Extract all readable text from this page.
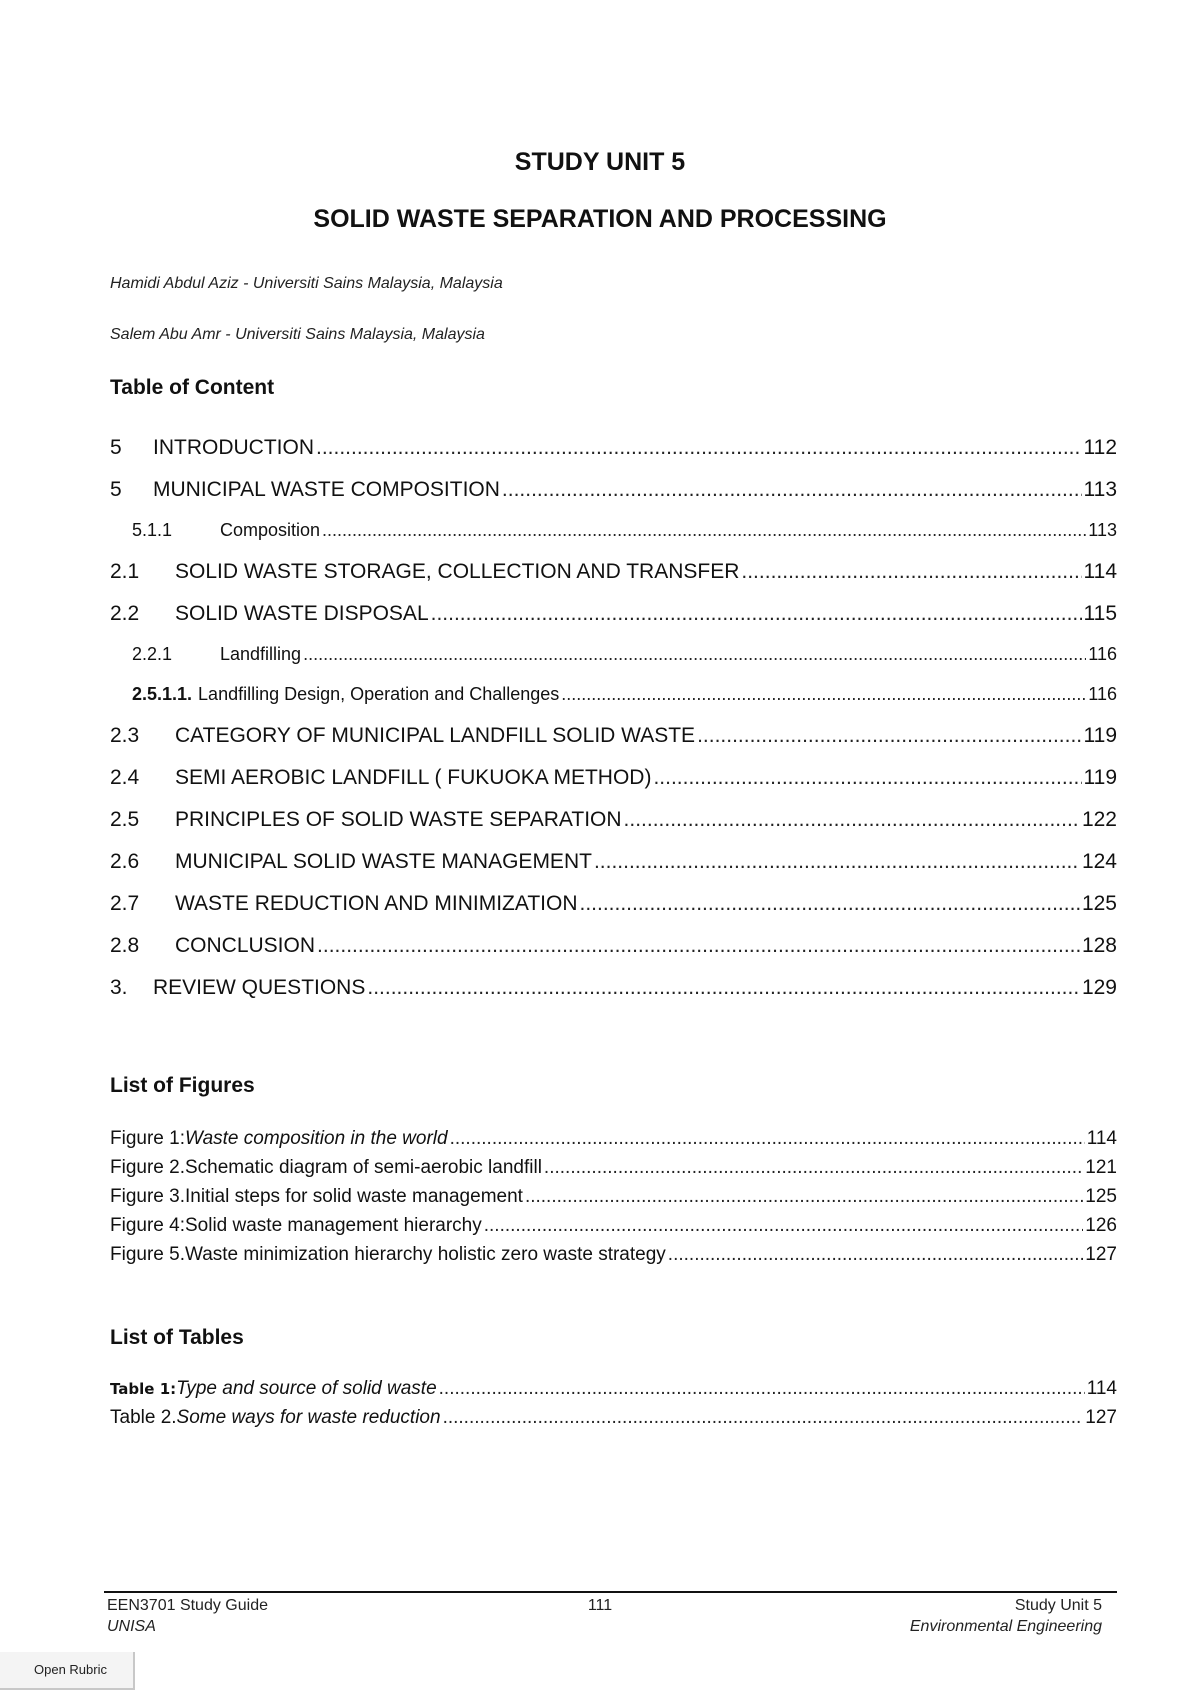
STUDY UNIT 5
SOLID WASTE SEPARATION AND PROCESSING
Hamidi Abdul Aziz - Universiti Sains Malaysia, Malaysia
Salem Abu Amr - Universiti Sains Malaysia, Malaysia
Table of Content
5	INTRODUCTION .....	112
5	MUNICIPAL WASTE COMPOSITION .....	113
5.1.1	Composition .....	113
2.1	SOLID WASTE STORAGE, COLLECTION AND TRANSFER .....	114
2.2	SOLID WASTE DISPOSAL .....	115
2.2.1	Landfilling .....	116
2.5.1.1. Landfilling Design, Operation and Challenges .....	116
2.3	CATEGORY OF MUNICIPAL LANDFILL SOLID WASTE .....	119
2.4	SEMI AEROBIC LANDFILL ( FUKUOKA METHOD) .....	119
2.5	PRINCIPLES OF SOLID WASTE SEPARATION .....	122
2.6	MUNICIPAL SOLID WASTE MANAGEMENT .....	124
2.7	WASTE REDUCTION AND MINIMIZATION .....	125
2.8	CONCLUSION .....	128
3.	REVIEW QUESTIONS .....	129
List of Figures
Figure 1: Waste composition in the world .....	114
Figure 2. Schematic diagram of semi-aerobic landfill .....	121
Figure 3. Initial steps for solid waste management .....	125
Figure 4: Solid waste management hierarchy .....	126
Figure 5. Waste minimization hierarchy holistic zero waste strategy .....	127
List of Tables
Table 1: Type and source of solid waste .....	114
Table 2. Some ways for waste reduction .....	127
EEN3701 Study Guide
UNISA
111	Study Unit 5
Environmental Engineering
Open Rubric
